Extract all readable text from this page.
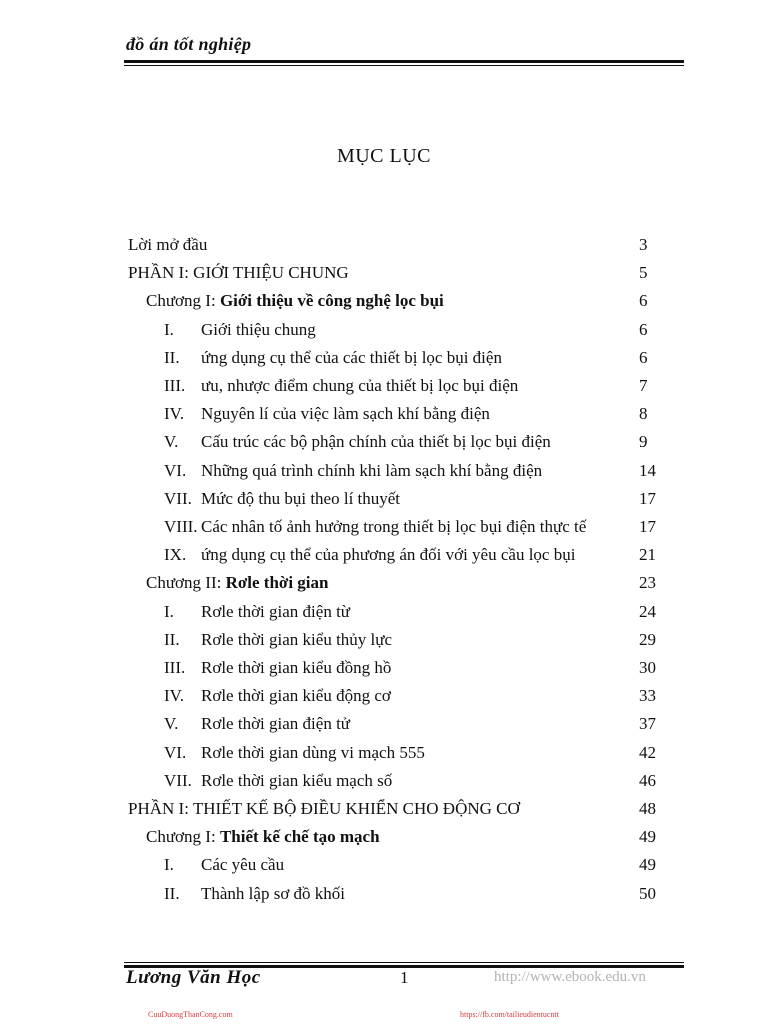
đồ án tốt nghiệp
MỤC LỤC
Lời mở đầu	3
PHẦN I: GIỚI THIỆU CHUNG	5
Chương I: Giới thiệu về công nghệ lọc bụi	6
I. Giới thiệu chung	6
II. ứng dụng cụ thể của các thiết bị lọc bụi điện	6
III. ưu, nhược điểm chung của thiết bị lọc bụi điện	7
IV. Nguyên lí của việc làm sạch khí bằng điện	8
V. Cấu trúc các bộ phận chính của thiết bị lọc bụi điện	9
VI. Những quá trình chính khi làm sạch khí bằng điện	14
VII. Mức độ thu bụi theo lí thuyết	17
VIII. Các nhân tố ảnh hưởng trong thiết bị lọc bụi điện thực tế	17
IX. ứng dụng cụ thể của phương án đối với yêu cầu lọc bụi	21
Chương II: Rơle thời gian	23
I. Rơle thời gian điện từ	24
II. Rơle thời gian kiểu thủy lực	29
III. Rơle thời gian kiểu đồng hồ	30
IV. Rơle thời gian kiểu động cơ	33
V. Rơle thời gian điện tử	37
VI. Rơle thời gian dùng vi mạch 555	42
VII. Rơle thời gian kiểu mạch số	46
PHẦN I: THIẾT KẾ BỘ ĐIỀU KHIỂN CHO ĐỘNG CƠ	48
Chương I: Thiết kế chế tạo mạch	49
I. Các yêu cầu	49
II. Thành lập sơ đồ khối	50
Lương Văn Học	1	http://www.ebook.edu.vn
CuuDuongThanCong.com	https://fb.com/tailieudientucntt
